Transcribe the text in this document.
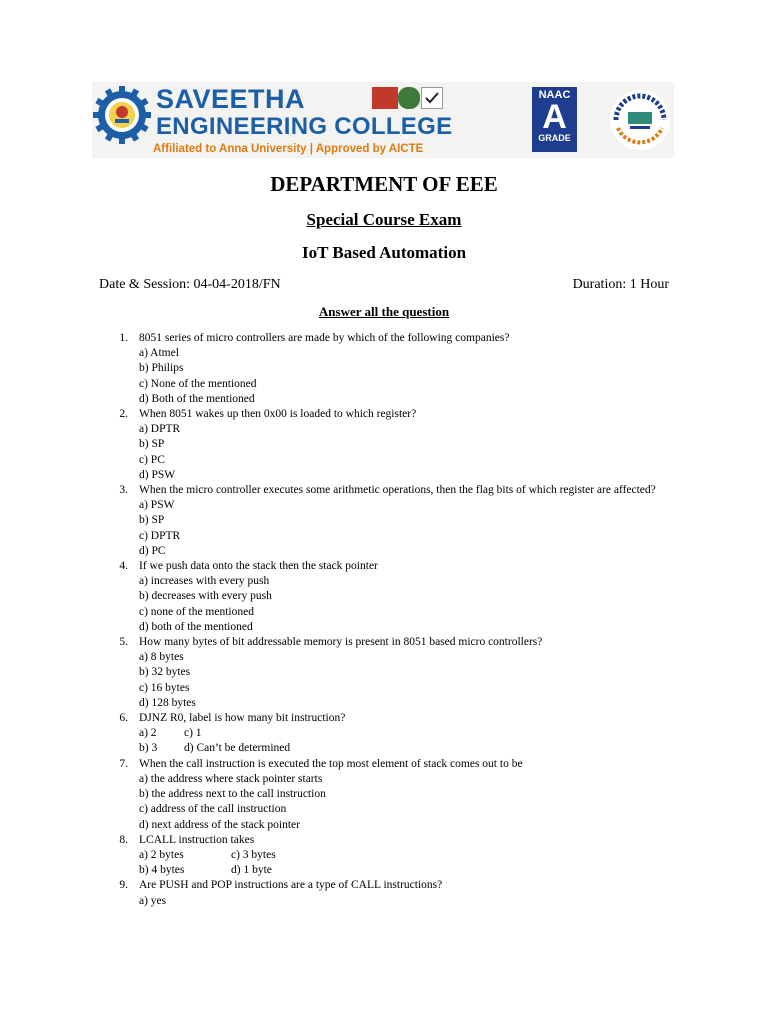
SAVEETHA
ENGINEERING COLLEGE
Affiliated to Anna University | Approved by AICTE
NAAC
A
GRADE
DEPARTMENT OF EEE
Special Course Exam
IoT Based Automation
Date & Session: 04-04-2018/FN	Duration: 1 Hour
Answer all the question
1. 8051 series of micro controllers are made by which of the following companies?
a) Atmel
b) Philips
c) None of the mentioned
d) Both of the mentioned
2. When 8051 wakes up then 0x00 is loaded to which register?
a) DPTR
b) SP
c) PC
d) PSW
3. When the micro controller executes some arithmetic operations, then the flag bits of which register are affected?
a) PSW
b) SP
c) DPTR
d) PC
4. If we push data onto the stack then the stack pointer
a) increases with every push
b) decreases with every push
c) none of the mentioned
d) both of the mentioned
5. How many bytes of bit addressable memory is present in 8051 based micro controllers?
a) 8 bytes
b) 32 bytes
c) 16 bytes
d) 128 bytes
6. DJNZ R0, label is how many bit instruction?
a) 2 c) 1
b) 3 d) Can’t be determined
7. When the call instruction is executed the top most element of stack comes out to be
a) the address where stack pointer starts
b) the address next to the call instruction
c) address of the call instruction
d) next address of the stack pointer
8. LCALL instruction takes
a) 2 bytes	c) 3 bytes
b) 4 bytes	d) 1 byte
9. Are PUSH and POP instructions are a type of CALL instructions?
a) yes
